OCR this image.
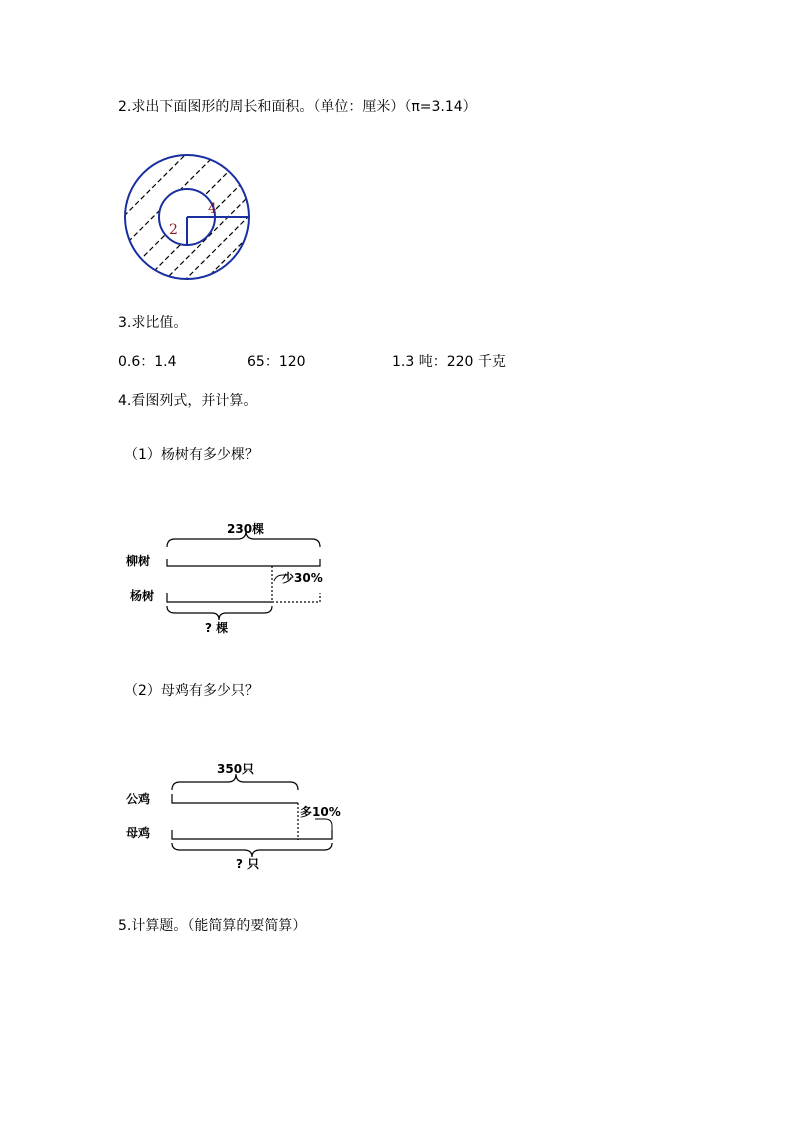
2.求出下面图形的周长和面积。（单位：厘米）（π=3.14）
4
2
3.求比值。
0.6：1.4	65：120	1.3 吨：220 千克
4.看图列式，并计算。
（1）杨树有多少棵？
230棵
柳树
少30%
杨树
? 棵
（2）母鸡有多少只？
350只
公鸡
多10%
母鸡
? 只
5.计算题。（能简算的要简算）
